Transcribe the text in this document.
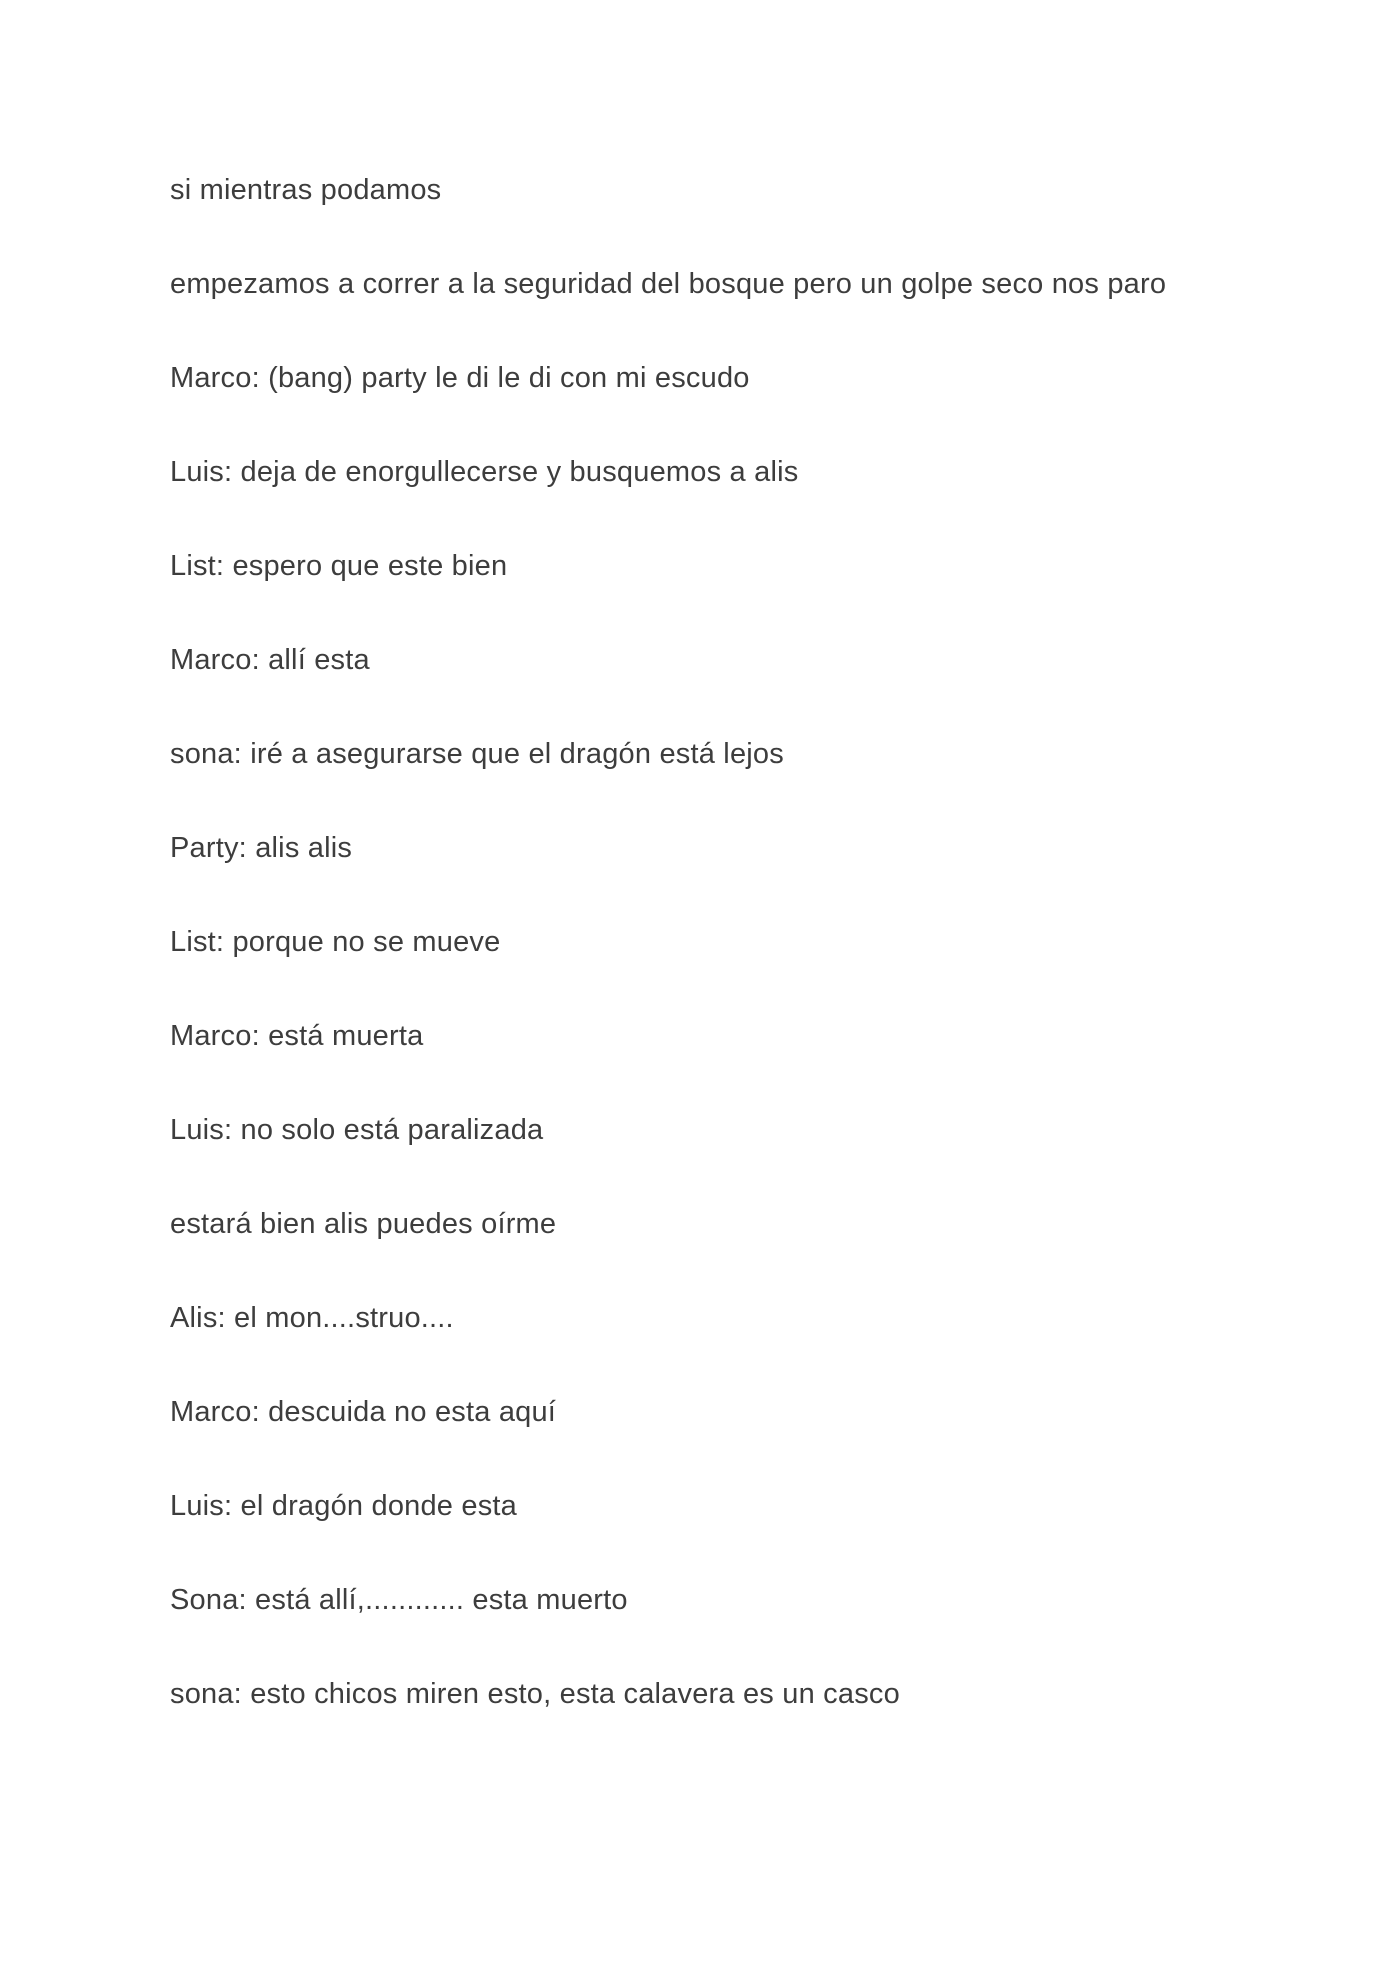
si mientras podamos

empezamos a correr a la seguridad del bosque pero un golpe seco nos paro

Marco: (bang) party le di le di con mi escudo

Luis: deja de enorgullecerse y busquemos a alis

List: espero que este bien

Marco: allí esta

sona: iré a asegurarse que el dragón está lejos

Party: alis alis

List: porque no se mueve

Marco: está muerta

Luis: no solo está paralizada

estará bien alis puedes oírme

Alis: el mon....struo....

Marco: descuida no esta aquí

Luis: el dragón donde esta

Sona: está allí,............ esta muerto

sona: esto chicos miren esto, esta calavera es un casco
